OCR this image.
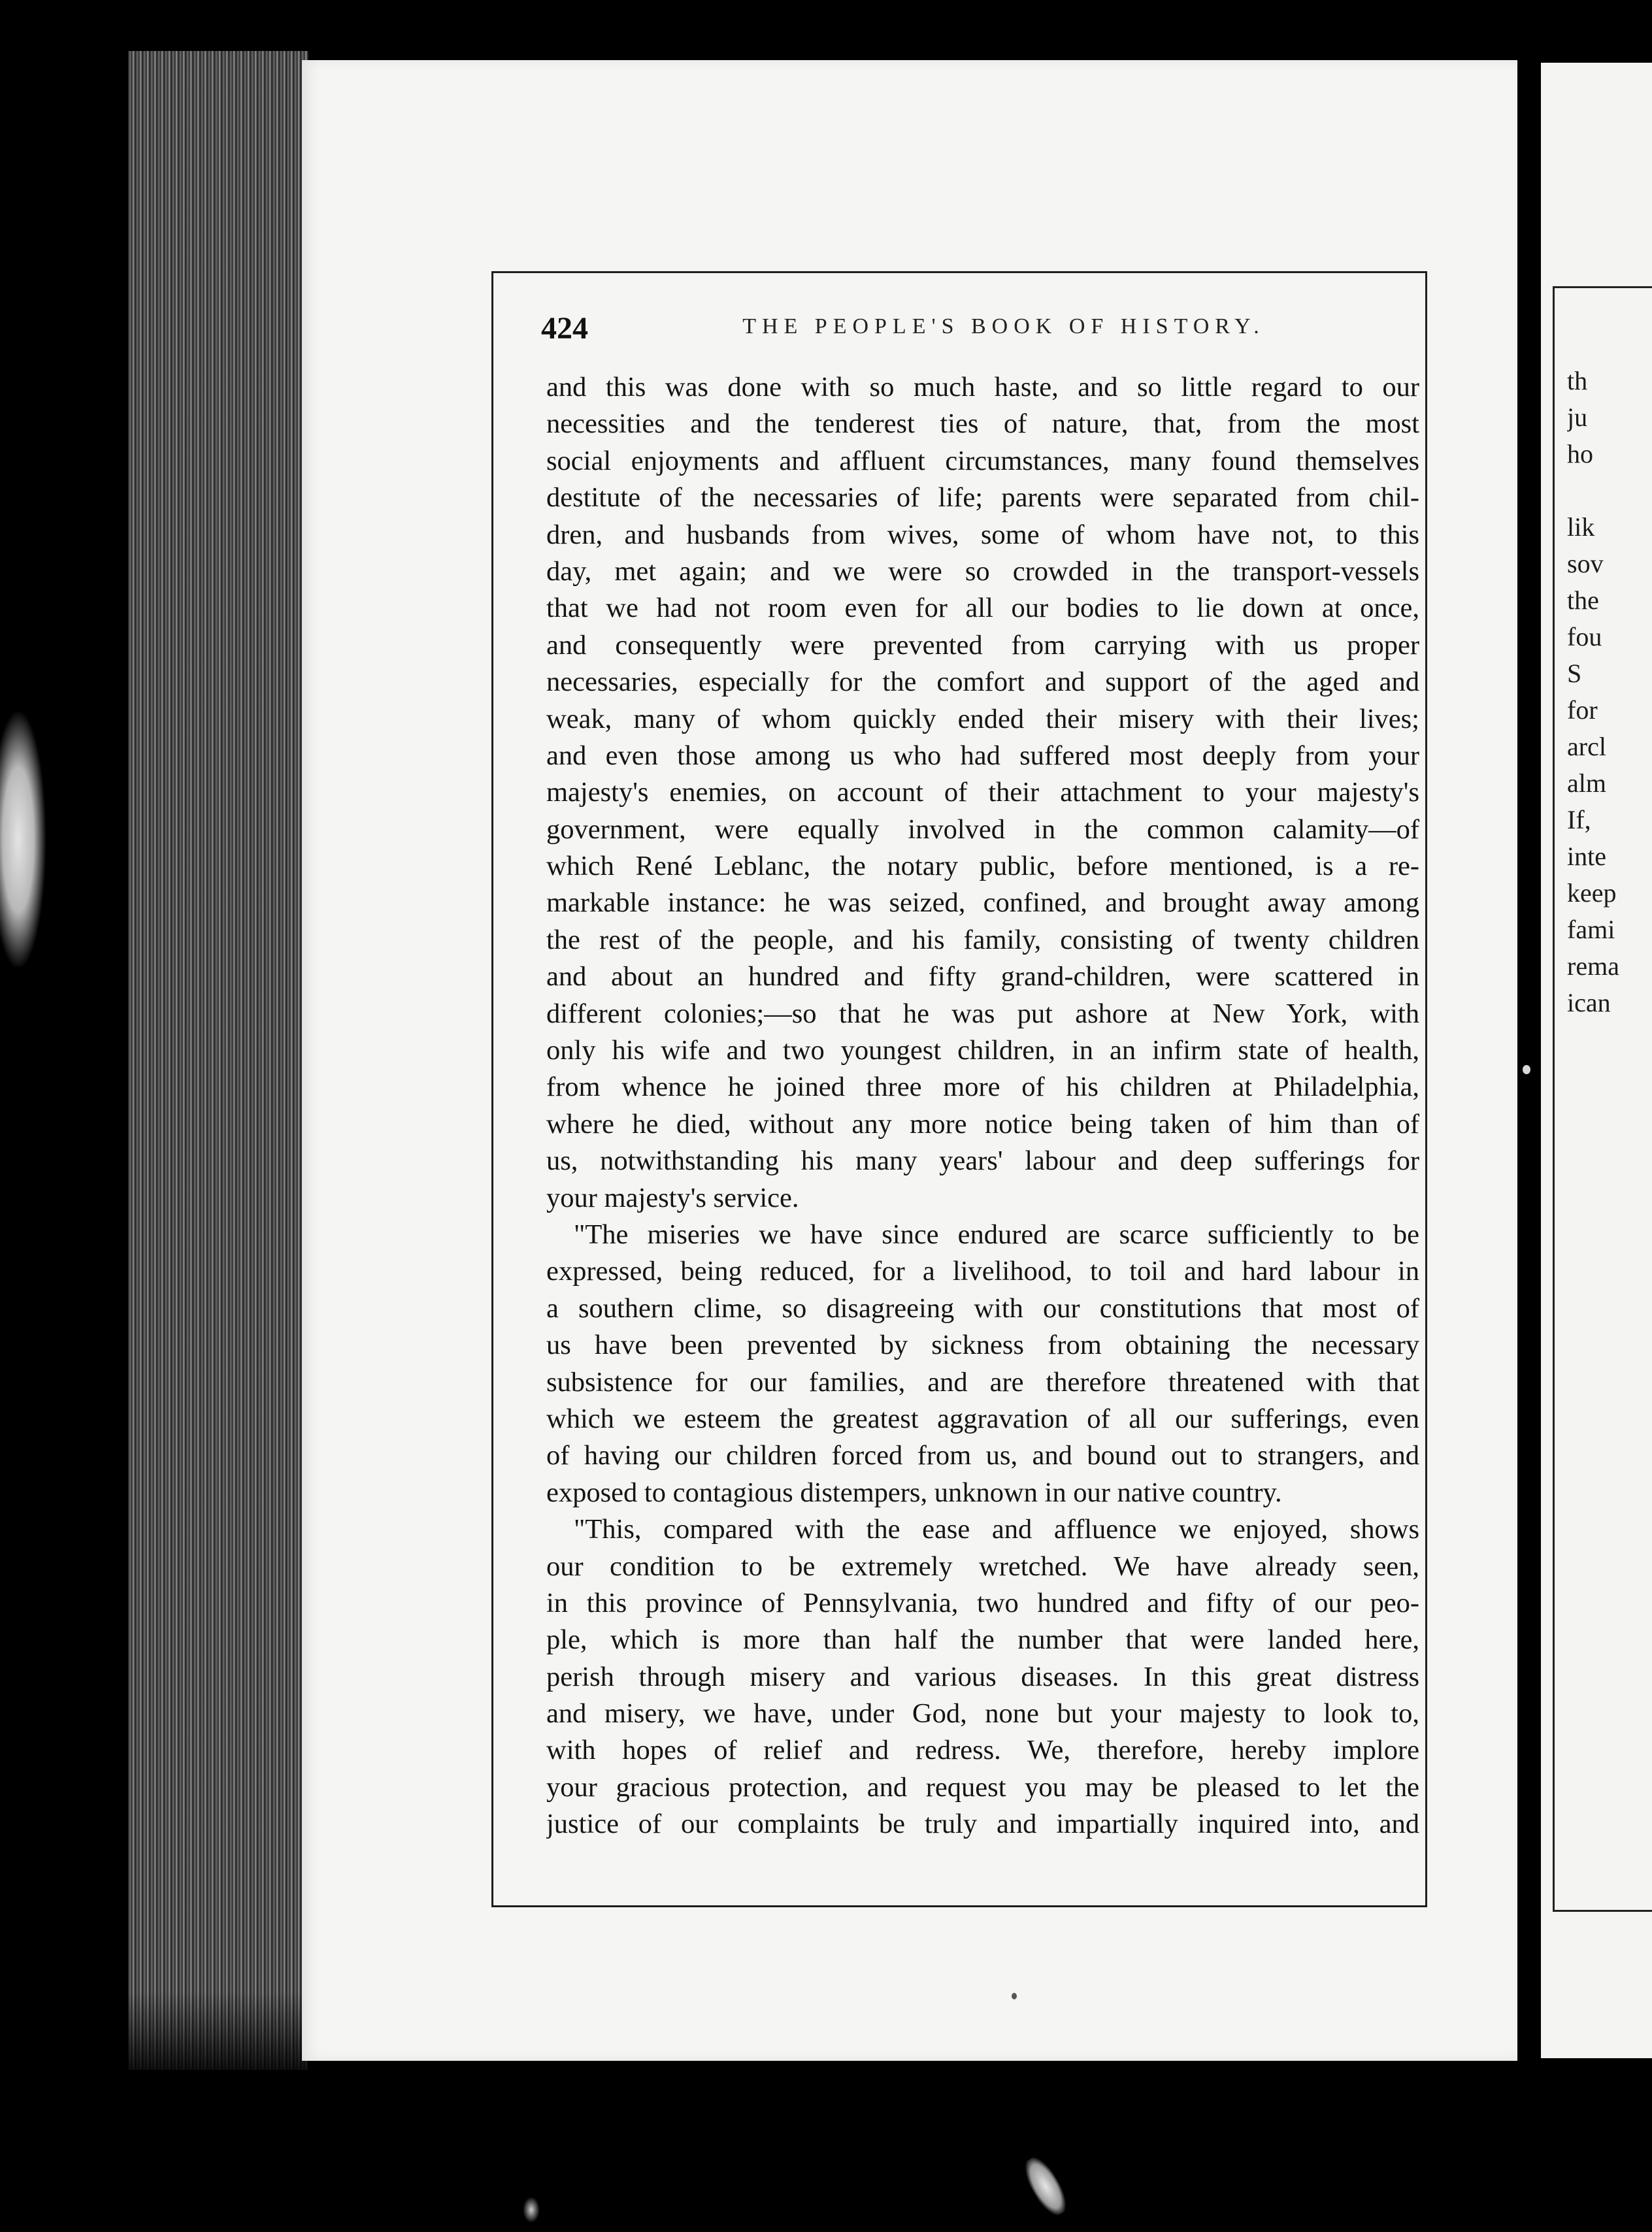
th
ju
ho
lik
sov
the
fou
S
for
arcl
alm
If,
inte
keep
fami
rema
ican
424	THE PEOPLE'S BOOK OF HISTORY.
and this was done with so much haste, and so little regard to our
necessities and the tenderest ties of nature, that, from the most
social enjoyments and affluent circumstances, many found themselves
destitute of the necessaries of life; parents were separated from chil-
dren, and husbands from wives, some of whom have not, to this
day, met again; and we were so crowded in the transport-vessels
that we had not room even for all our bodies to lie down at once,
and consequently were prevented from carrying with us proper
necessaries, especially for the comfort and support of the aged and
weak, many of whom quickly ended their misery with their lives;
and even those among us who had suffered most deeply from your
majesty's enemies, on account of their attachment to your majesty's
government, were equally involved in the common calamity—of
which René Leblanc, the notary public, before mentioned, is a re-
markable instance: he was seized, confined, and brought away among
the rest of the people, and his family, consisting of twenty children
and about an hundred and fifty grand-children, were scattered in
different colonies;—so that he was put ashore at New York, with
only his wife and two youngest children, in an infirm state of health,
from whence he joined three more of his children at Philadelphia,
where he died, without any more notice being taken of him than of
us, notwithstanding his many years' labour and deep sufferings for
your majesty's service.
"The miseries we have since endured are scarce sufficiently to be
expressed, being reduced, for a livelihood, to toil and hard labour in
a southern clime, so disagreeing with our constitutions that most of
us have been prevented by sickness from obtaining the necessary
subsistence for our families, and are therefore threatened with that
which we esteem the greatest aggravation of all our sufferings, even
of having our children forced from us, and bound out to strangers, and
exposed to contagious distempers, unknown in our native country.
"This, compared with the ease and affluence we enjoyed, shows
our condition to be extremely wretched. We have already seen,
in this province of Pennsylvania, two hundred and fifty of our peo-
ple, which is more than half the number that were landed here,
perish through misery and various diseases. In this great distress
and misery, we have, under God, none but your majesty to look to,
with hopes of relief and redress. We, therefore, hereby implore
your gracious protection, and request you may be pleased to let the
justice of our complaints be truly and impartially inquired into, and
